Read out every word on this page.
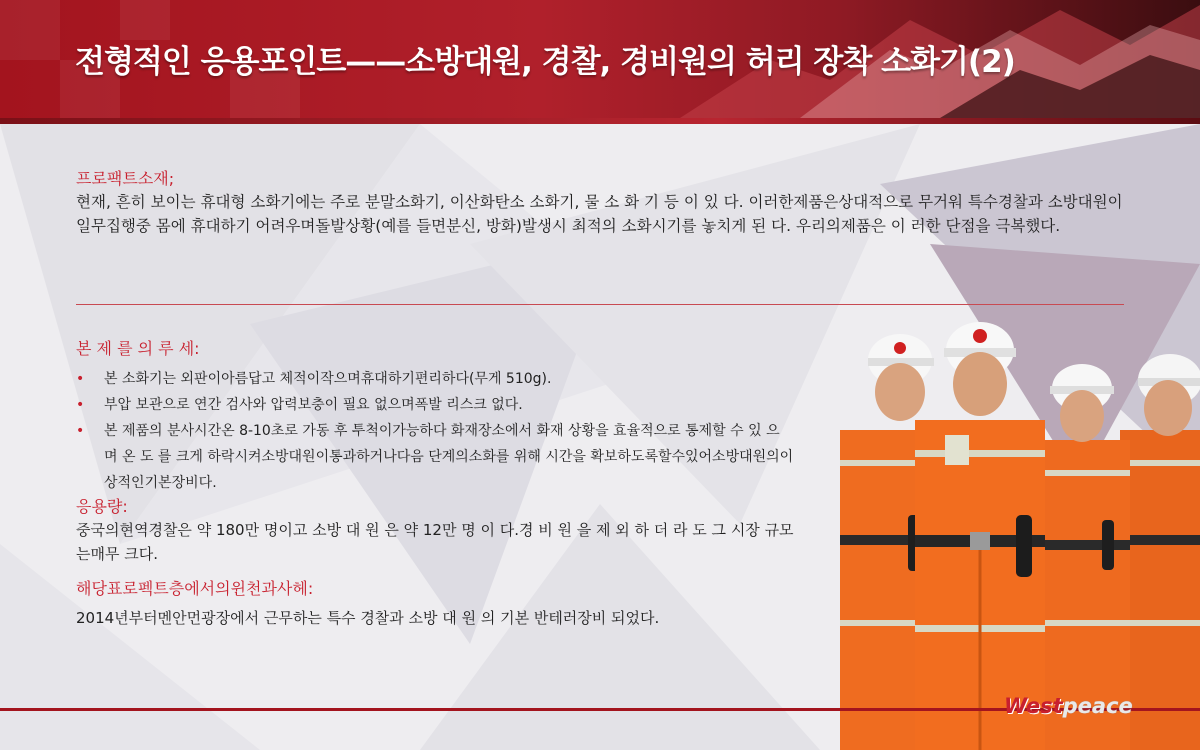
전형적인 응용포인트——소방대원, 경찰, 경비원의 허리 장착 소화기(2)

프로팩트소재;

현재, 흔히 보이는 휴대형 소화기에는 주로 분말소화기, 이산화탄소 소화기, 물 소 화 기 등 이 있 다. 이러한제품은상대적으로 무거워 특수경찰과 소방대원이 일무집행중 몸에 휴대하기 어려우며돌발상황(예를 들면분신, 방화)발생시 최적의 소화시기를 놓치게 된 다. 우리의제품은 이 러한 단점을 극복했다.

본 제 를 의 루 세:

• 본 소화기는 외판이아름답고 체적이작으며휴대하기편리하다(무게 510g).
• 부압 보관으로 연간 검사와 압력보충이 필요 없으며폭발 리스크 없다.
• 본 제품의 분사시간온 8-10초로 가동 후 투척이가능하다 화재장소에서 화재 상황을 효율적으로 통제할 수 있 으 며 온 도 를 크게 하락시켜소방대원이통과하거나다음 단계의소화를 위해 시간을 확보하도록할수있어소방대원의이상적인기본장비다.

응용량:

중국의현역경찰은 약 180만 명이고 소방 대 원 은 약 12만 명 이 다.경 비 원 을 제 외 하 더 라 도 그 시장 규모는매무 크다.

해당표로펙트층에서의윈천과사헤:

2014년부터멘안먼광장에서 근무하는 특수 경찰과 소방 대 원 의 기본 반테러장비 되었다.

Westpeace
